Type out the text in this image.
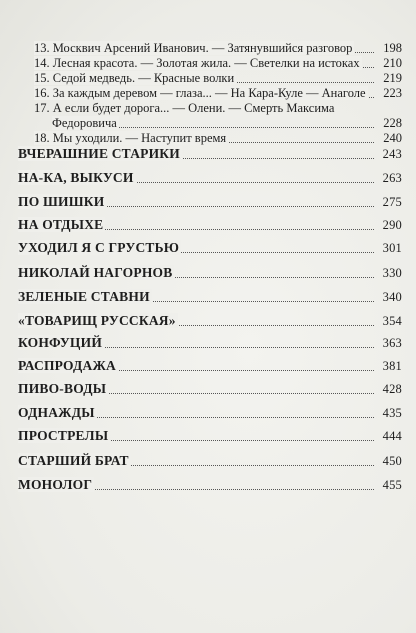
13. Москвич Арсений Иванович. — Затянувшийся разговор 198
14. Лесная красота. — Золотая жила. — Светелки на истоках 210
15. Седой медведь. — Красные волки	219
16. За каждым деревом — глаза... — На Кара-Куле — Анаголе 223
17. А если будет дорога... — Олени. — Смерть Максима
Федоровича	228
18. Мы уходили. — Наступит время	240
ВЧЕРАШНИЕ СТАРИКИ	243
НА-КА, ВЫКУСИ	263
ПО ШИШКИ	275
НА ОТДЫХЕ	290
УХОДИЛ Я С ГРУСТЬЮ	301
НИКОЛАЙ НАГОРНОВ	330
ЗЕЛЕНЫЕ СТАВНИ	340
«ТОВАРИЩ РУССКАЯ»	354
КОНФУЦИЙ	363
РАСПРОДАЖА	381
ПИВО-ВОДЫ	428
ОДНАЖДЫ	435
ПРОСТРЕЛЫ	444
СТАРШИЙ БРАТ	450
МОНОЛОГ	455
